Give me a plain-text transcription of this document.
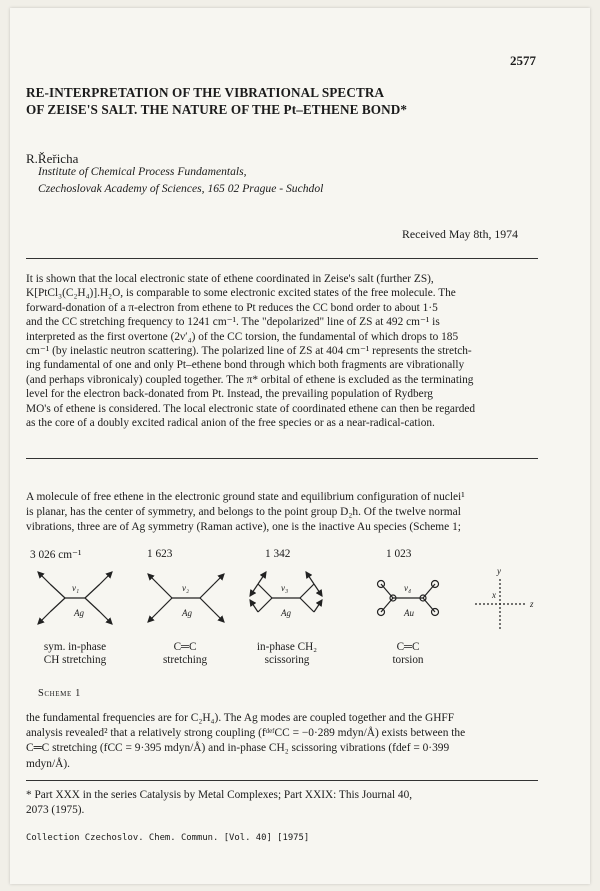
2577
RE-INTERPRETATION OF THE VIBRATIONAL SPECTRA
OF ZEISE'S SALT. THE NATURE OF THE Pt–ETHENE BOND*
R.Řeřicha
Institute of Chemical Process Fundamentals,
Czechoslovak Academy of Sciences, 165 02 Prague - Suchdol
Received May 8th, 1974
It is shown that the local electronic state of ethene coordinated in Zeise's salt (further ZS),
K[PtCl₃(C₂H₄)].H₂O, is comparable to some electronic excited states of the free molecule. The
forward-donation of a π-electron from ethene to Pt reduces the CC bond order to about 1·5
and the CC stretching frequency to 1241 cm⁻¹. The "depolarized" line of ZS at 492 cm⁻¹ is
interpreted as the first overtone (2ν′₄) of the CC torsion, the fundamental of which drops to 185
cm⁻¹ (by inelastic neutron scattering). The polarized line of ZS at 404 cm⁻¹ represents the stretch-
ing fundamental of one and only Pt–ethene bond through which both fragments are vibrationally
(and perhaps vibronicaly) coupled together. The π* orbital of ethene is excluded as the terminating
level for the electron back-donated from Pt. Instead, the prevailing population of Rydberg
MO's of ethene is considered. The local electronic state of coordinated ethene can then be regarded
as the core of a doubly excited radical anion of the free species or as a near-radical-cation.
A molecule of free ethene in the electronic ground state and equilibrium configuration of nuclei¹
is planar, has the center of symmetry, and belongs to the point group D₂h. Of the twelve normal
vibrations, three are of Ag symmetry (Raman active), one is the inactive Au species (Scheme 1;
3 026 cm⁻¹	1 623	1 342	1 023
ν₁
Ag
ν₂
Ag
ν₃
Ag
ν₄
Au
y
x
z
sym. in-phase
CH stretching
C═C
stretching
in-phase CH₂
scissoring
C═C
torsion
Scheme 1
the fundamental frequencies are for C₂H₄). The Ag modes are coupled together and the GHFF
analysis revealed² that a relatively strong coupling (fᵈᵉᶠCC = −0·289 mdyn/Å) exists between the
C═C stretching (fCC = 9·395 mdyn/Å) and in-phase CH₂ scissoring vibrations (fdef = 0·399
mdyn/Å).
* Part XXX in the series Catalysis by Metal Complexes; Part XXIX: This Journal 40,
2073 (1975).
Collection Czechoslov. Chem. Commun. [Vol. 40] [1975]
